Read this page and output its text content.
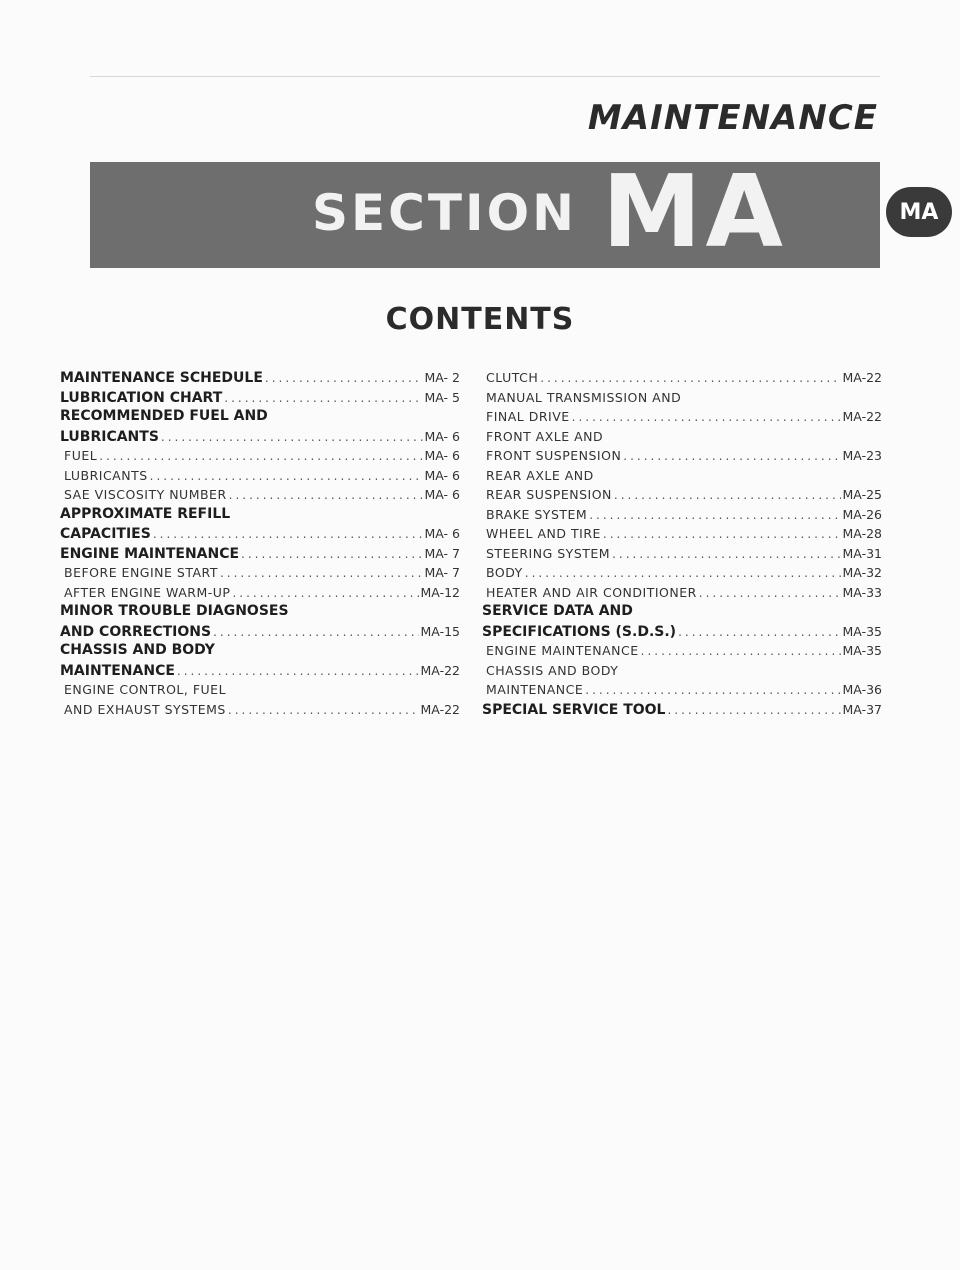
MAINTENANCE
SECTION MA	MA
CONTENTS
MAINTENANCE SCHEDULE .....	MA- 2
LUBRICATION CHART .....	MA- 5
RECOMMENDED FUEL AND
LUBRICANTS .....	MA- 6
FUEL .....	MA- 6
LUBRICANTS .....	MA- 6
SAE VISCOSITY NUMBER .....	MA- 6
APPROXIMATE REFILL
CAPACITIES .....	MA- 6
ENGINE MAINTENANCE .....	MA- 7
BEFORE ENGINE START .....	MA- 7
AFTER ENGINE WARM-UP .....	MA-12
MINOR TROUBLE DIAGNOSES
AND CORRECTIONS .....	MA-15
CHASSIS AND BODY
MAINTENANCE .....	MA-22
ENGINE CONTROL, FUEL
AND EXHAUST SYSTEMS .....	MA-22
CLUTCH .....	MA-22
MANUAL TRANSMISSION AND
FINAL DRIVE .....	MA-22
FRONT AXLE AND
FRONT SUSPENSION .....	MA-23
REAR AXLE AND
REAR SUSPENSION .....	MA-25
BRAKE SYSTEM .....	MA-26
WHEEL AND TIRE .....	MA-28
STEERING SYSTEM .....	MA-31
BODY .....	MA-32
HEATER AND AIR CONDITIONER .....	MA-33
SERVICE DATA AND
SPECIFICATIONS (S.D.S.) .....	MA-35
ENGINE MAINTENANCE .....	MA-35
CHASSIS AND BODY
MAINTENANCE .....	MA-36
SPECIAL SERVICE TOOL .....	MA-37
